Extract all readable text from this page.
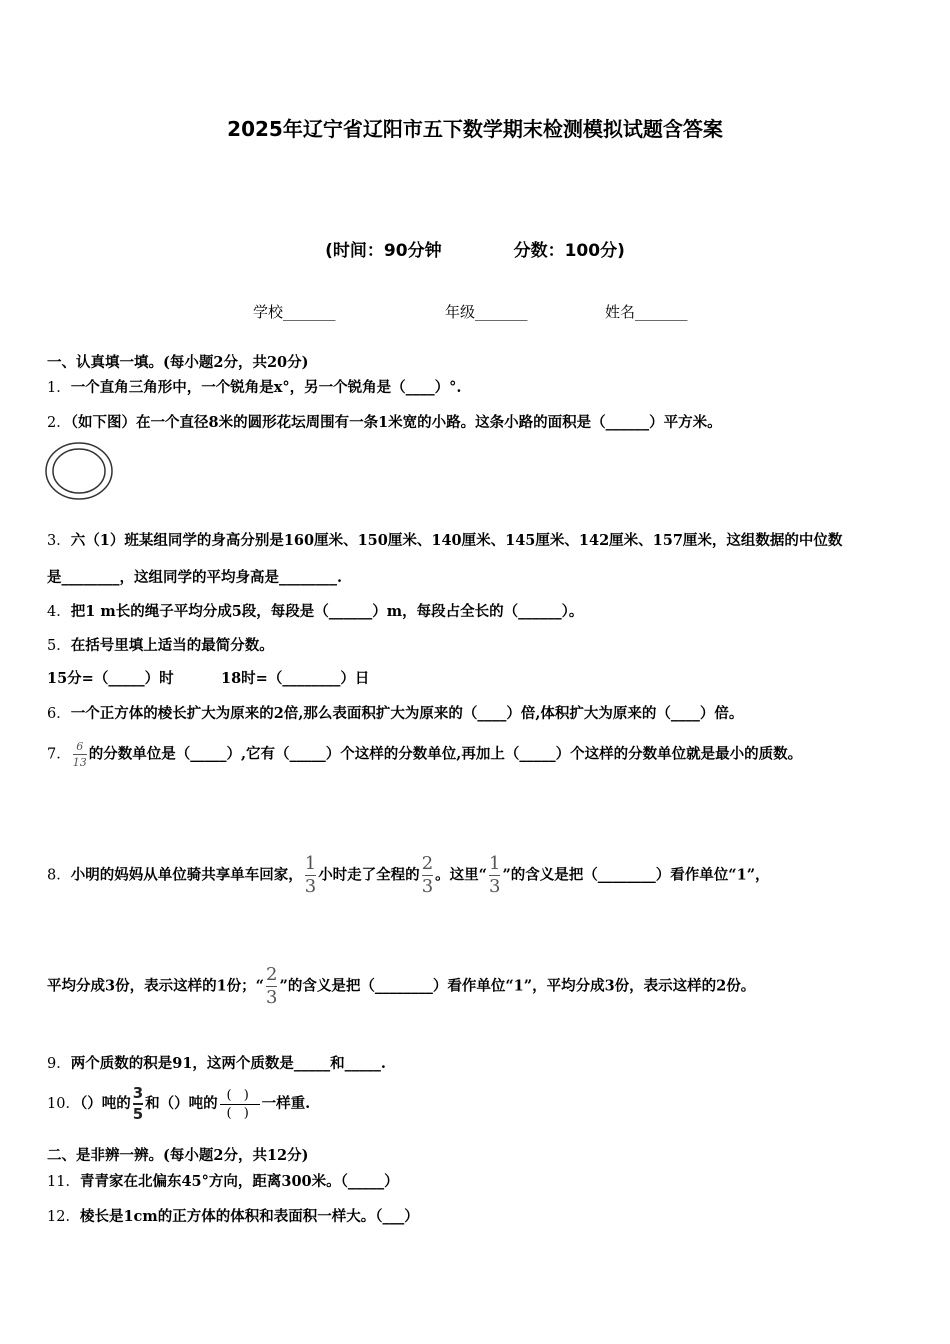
2025年辽宁省辽阳市五下数学期末检测模拟试题含答案
(时间：90分钟	分数：100分)
学校_______	年级_______	姓名_______
一、认真填一填。(每小题2分，共20分)
1．一个直角三角形中，一个锐角是x°，另一个锐角是（____）°.
2．（如下图）在一个直径8米的圆形花坛周围有一条1米宽的小路。这条小路的面积是（______）平方米。
3．六（1）班某组同学的身高分别是160厘米、150厘米、140厘米、145厘米、142厘米、157厘米，这组数据的中位数
是________，这组同学的平均身高是________.
4．把1 m长的绳子平均分成5段，每段是（______）m，每段占全长的（______）。
5．在括号里填上适当的最简分数。
15分=（_____）时	18时=（________）日
6．一个正方体的棱长扩大为原来的2倍,那么表面积扩大为原来的（____）倍,体积扩大为原来的（____）倍。
7． $\frac{6}{13}$ 的分数单位是（_____）,它有（_____）个这样的分数单位,再加上（_____）个这样的分数单位就是最小的质数。
8．小明的妈妈从单位骑共享单车回家， $\frac{1}{3}$ 小时走了全程的 $\frac{2}{3}$ 。这里“ $\frac{1}{3}$ ”的含义是把（________）看作单位“1”，
平均分成3份，表示这样的1份；“ $\frac{2}{3}$ ”的含义是把（________）看作单位“1”，平均分成3份，表示这样的2份。
9．两个质数的积是91，这两个质数是_____和_____.
10．（）吨的 $\frac{3}{5}$ 和（）吨的 $\frac{( )}{( )}$ 一样重.
二、是非辨一辨。(每小题2分，共12分)
11．青青家在北偏东45°方向，距离300米。（_____）
12．棱长是1cm的正方体的体积和表面积一样大。（___）
